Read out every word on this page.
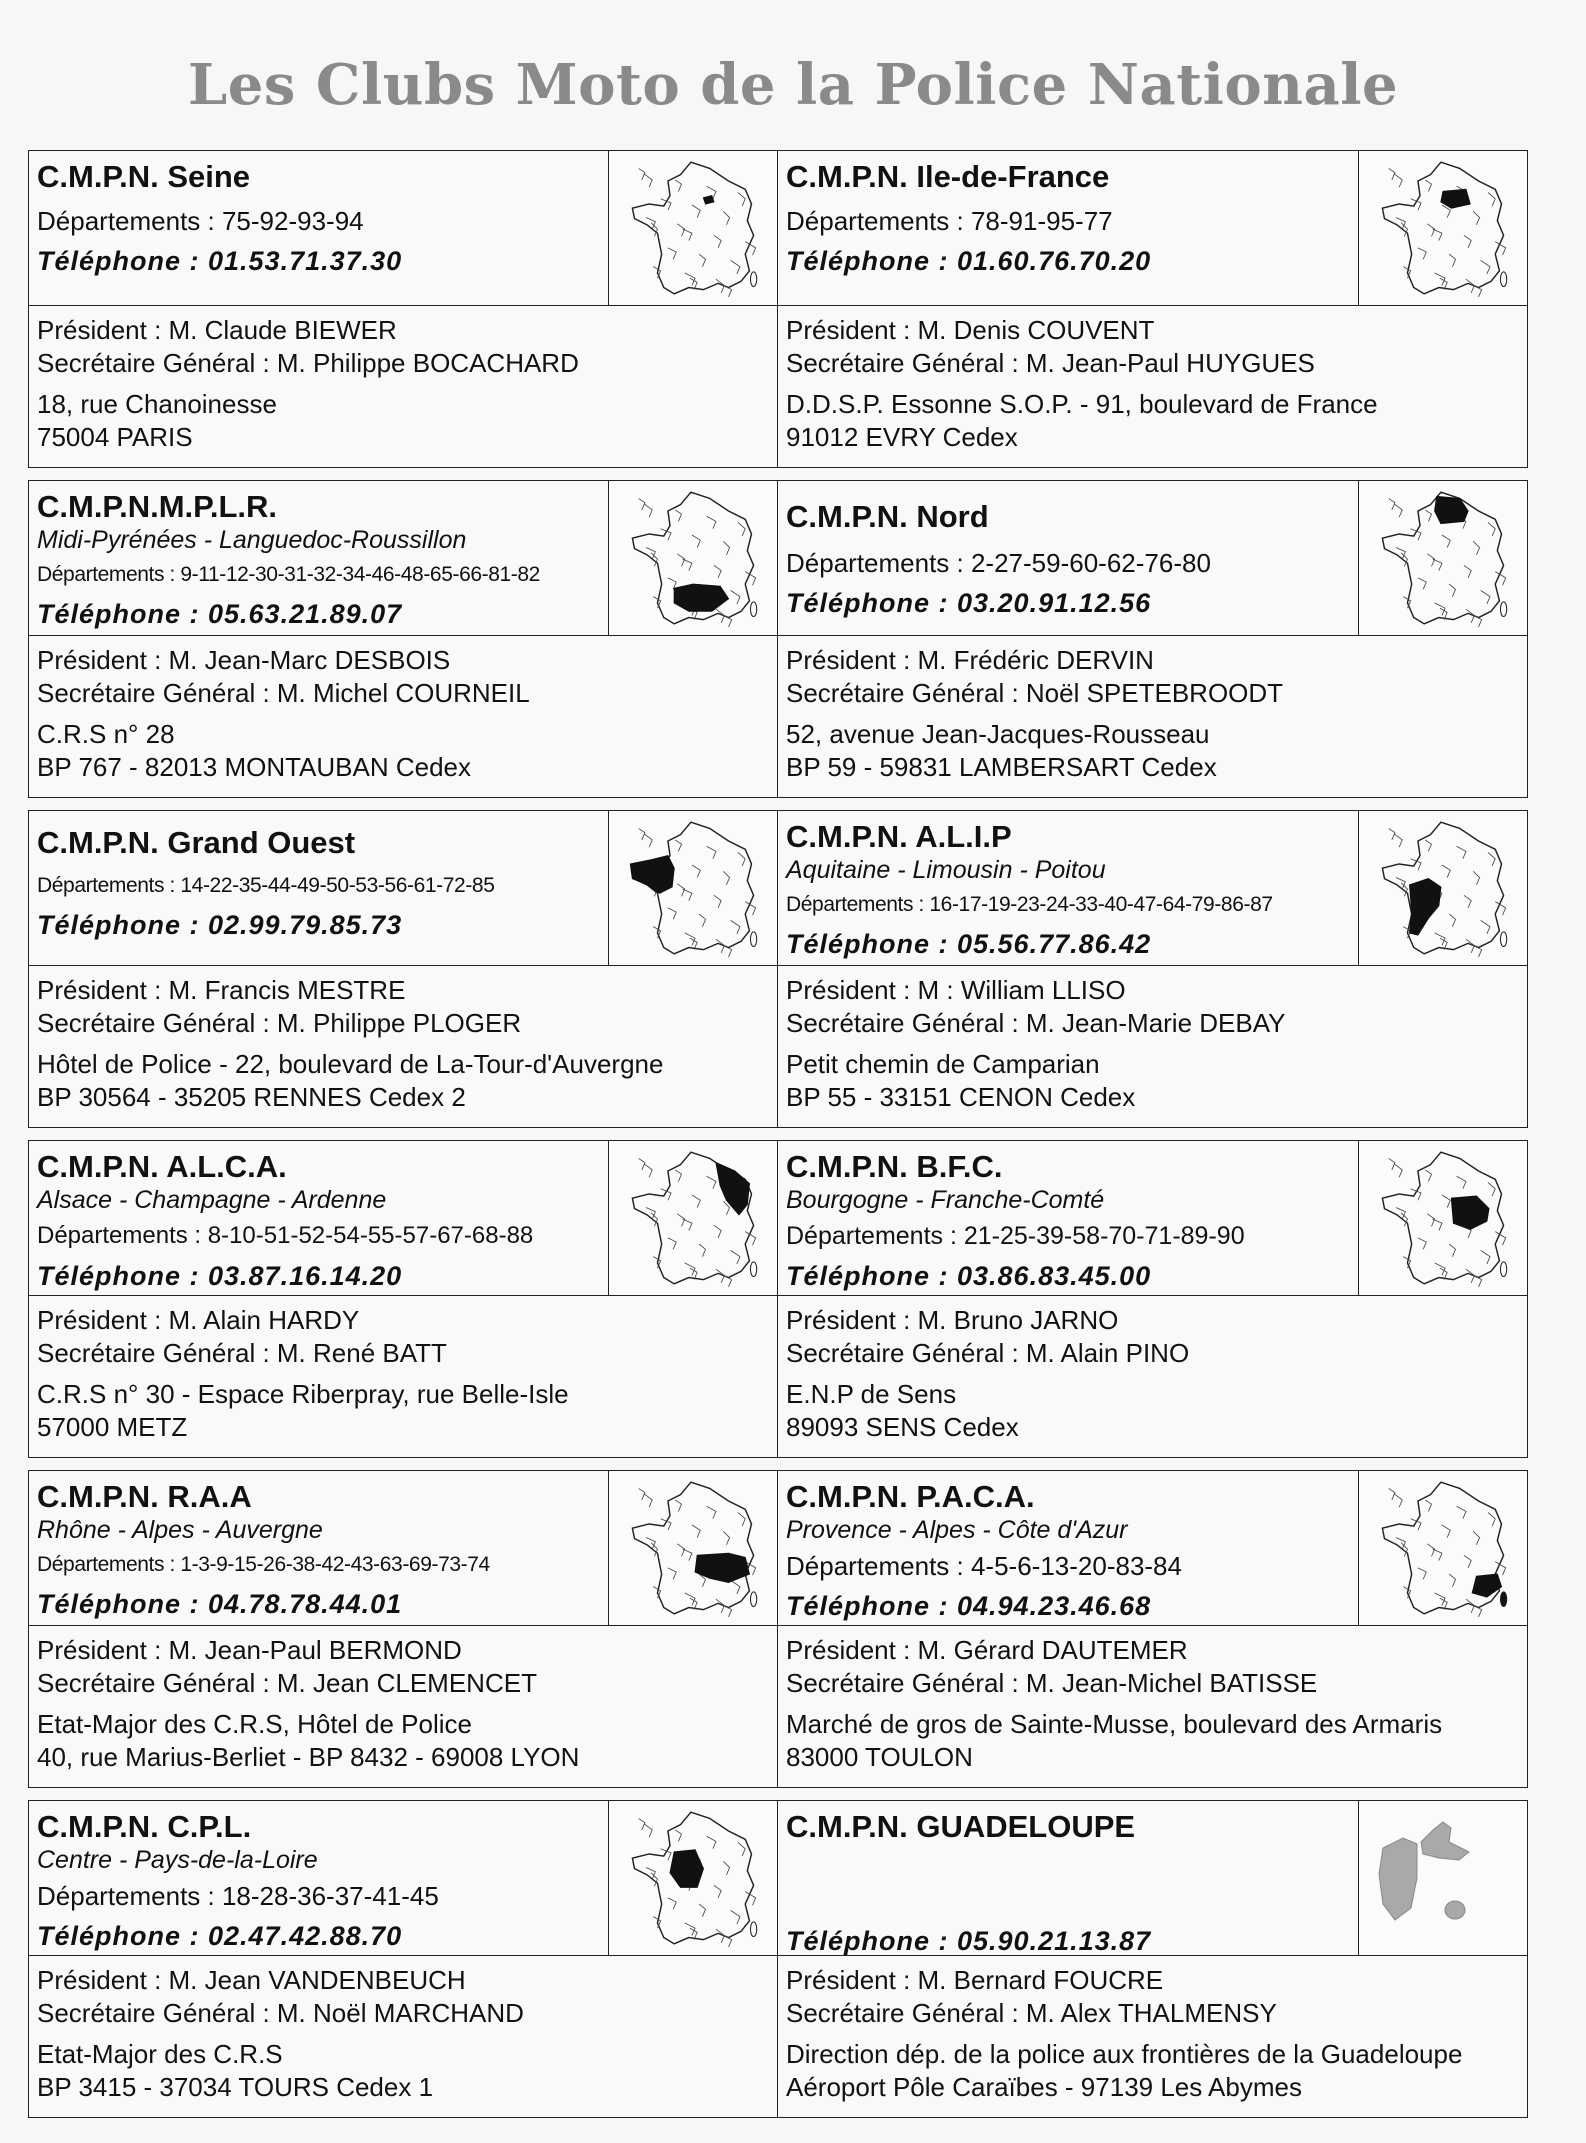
Les Clubs Moto de la Police Nationale
C.M.P.N. Seine
Départements : 75-92-93-94
Téléphone : 01.53.71.37.30
Président : M. Claude BIEWER
Secrétaire Général : M. Philippe BOCACHARD
18, rue Chanoinesse
75004 PARIS
C.M.P.N. Ile-de-France
Départements : 78-91-95-77
Téléphone : 01.60.76.70.20
Président : M. Denis COUVENT
Secrétaire Général : M. Jean-Paul HUYGUES
D.D.S.P. Essonne S.O.P. - 91, boulevard de France
91012 EVRY Cedex
C.M.P.N.M.P.L.R.
Midi-Pyrénées - Languedoc-Roussillon
Départements : 9-11-12-30-31-32-34-46-48-65-66-81-82
Téléphone : 05.63.21.89.07
Président : M. Jean-Marc DESBOIS
Secrétaire Général : M. Michel COURNEIL
C.R.S n° 28
BP 767 - 82013 MONTAUBAN Cedex
C.M.P.N. Nord
Départements : 2-27-59-60-62-76-80
Téléphone : 03.20.91.12.56
Président : M. Frédéric DERVIN
Secrétaire Général : Noël SPETEBROODT
52, avenue Jean-Jacques-Rousseau
BP 59 - 59831 LAMBERSART Cedex
C.M.P.N. Grand Ouest
Départements : 14-22-35-44-49-50-53-56-61-72-85
Téléphone : 02.99.79.85.73
Président : M. Francis MESTRE
Secrétaire Général : M. Philippe PLOGER
Hôtel de Police - 22, boulevard de La-Tour-d'Auvergne
BP 30564 - 35205 RENNES Cedex 2
C.M.P.N. A.L.I.P
Aquitaine - Limousin - Poitou
Départements : 16-17-19-23-24-33-40-47-64-79-86-87
Téléphone : 05.56.77.86.42
Président : M : William LLISO
Secrétaire Général : M. Jean-Marie DEBAY
Petit chemin de Camparian
BP 55 - 33151 CENON Cedex
C.M.P.N. A.L.C.A.
Alsace - Champagne - Ardenne
Départements : 8-10-51-52-54-55-57-67-68-88
Téléphone : 03.87.16.14.20
Président : M. Alain HARDY
Secrétaire Général : M. René BATT
C.R.S n° 30 - Espace Riberpray, rue Belle-Isle
57000 METZ
C.M.P.N. B.F.C.
Bourgogne - Franche-Comté
Départements : 21-25-39-58-70-71-89-90
Téléphone : 03.86.83.45.00
Président : M. Bruno JARNO
Secrétaire Général : M. Alain PINO
E.N.P de Sens
89093 SENS Cedex
C.M.P.N. R.A.A
Rhône - Alpes - Auvergne
Départements : 1-3-9-15-26-38-42-43-63-69-73-74
Téléphone : 04.78.78.44.01
Président : M. Jean-Paul BERMOND
Secrétaire Général : M. Jean CLEMENCET
Etat-Major des C.R.S, Hôtel de Police
40, rue Marius-Berliet - BP 8432 - 69008 LYON
C.M.P.N. P.A.C.A.
Provence - Alpes - Côte d'Azur
Départements : 4-5-6-13-20-83-84
Téléphone : 04.94.23.46.68
Président : M. Gérard DAUTEMER
Secrétaire Général : M. Jean-Michel BATISSE
Marché de gros de Sainte-Musse, boulevard des Armaris
83000 TOULON
C.M.P.N. C.P.L.
Centre - Pays-de-la-Loire
Départements : 18-28-36-37-41-45
Téléphone : 02.47.42.88.70
Président : M. Jean VANDENBEUCH
Secrétaire Général : M. Noël MARCHAND
Etat-Major des C.R.S
BP 3415 - 37034 TOURS Cedex 1
C.M.P.N. GUADELOUPE
Téléphone : 05.90.21.13.87
Président : M. Bernard FOUCRE
Secrétaire Général : M. Alex THALMENSY
Direction dép. de la police aux frontières de la Guadeloupe
Aéroport Pôle Caraïbes - 97139 Les Abymes
